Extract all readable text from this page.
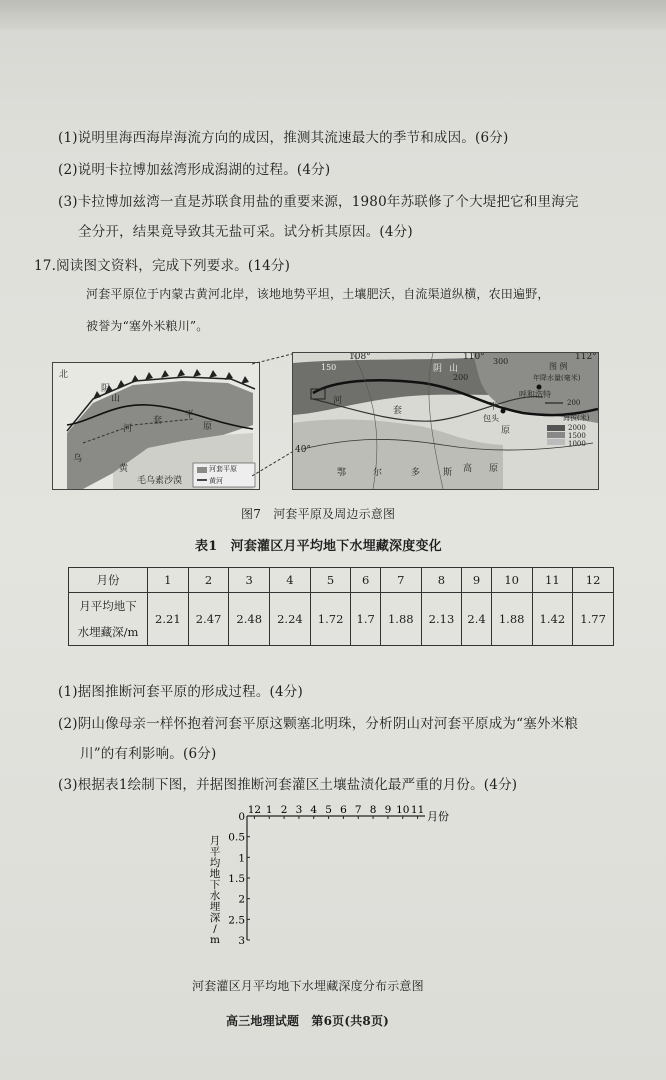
(1)说明里海西海岸海流方向的成因，推测其流速最大的季节和成因。(6分)
(2)说明卡拉博加兹湾形成潟湖的过程。(4分)
(3)卡拉博加兹湾一直是苏联食用盐的重要来源，1980年苏联修了个大堤把它和里海完
全分开，结果竟导致其无盐可采。试分析其原因。(4分)
17.阅读图文资料，完成下列要求。(14分)
河套平原位于内蒙古黄河北岸，该地地势平坦，土壤肥沃，自流渠道纵横，农田遍野，
被誉为“塞外米粮川”。
北
阴
山
河
套
平
原
乌
黄
毛乌素沙漠
河套平原
黄河
108°	110°	112°
40°
阴 山
河
套	平
原
鄂	尔	多	斯 高 原
包头
呼和浩特
300
200
150	图 例
年降水量(毫米)
200
海拔(米)
2000
1500
1000
图7　河套平原及周边示意图
表1　河套灌区月平均地下水埋藏深度变化
月份	1	2	3	4	5	6	7	8	9	10	11	12

月平均地下
水埋藏深/m	2.21	2.47	2.48	2.24	1.72	1.7	1.88	2.13	2.4	1.88	1.42	1.77
(1)据图推断河套平原的形成过程。(4分)
(2)阴山像母亲一样怀抱着河套平原这颗塞北明珠，分析阴山对河套平原成为“塞外米粮
川”的有利影响。(6分)
(3)根据表1绘制下图，并据图推断河套灌区土壤盐渍化最严重的月份。(4分)
12 1 2 3 4 5 6 7 8 9 10 11 月份
0
0.5
1
1.5
2
2.5
3
月
平
均
地
下
水
埋
深
/
m
河套灌区月平均地下水埋藏深度分布示意图
高三地理试题　第6页(共8页)
